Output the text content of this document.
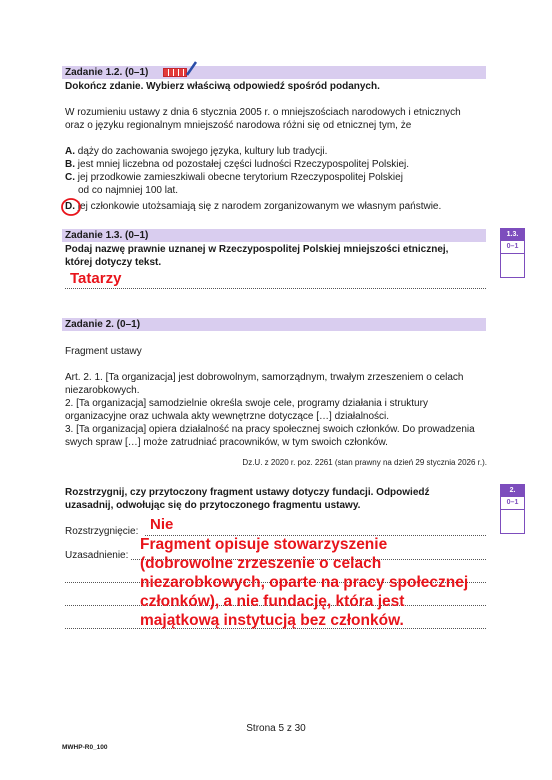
Zadanie 1.2. (0–1)
Dokończ zdanie. Wybierz właściwą odpowiedź spośród podanych.
W rozumieniu ustawy z dnia 6 stycznia 2005 r. o mniejszościach narodowych i etnicznych
oraz o języku regionalnym mniejszość narodowa różni się od etnicznej tym, że
A. dąży do zachowania swojego języka, kultury lub tradycji.
B. jest mniej liczebna od pozostałej części ludności Rzeczypospolitej Polskiej.
C. jej przodkowie zamieszkiwali obecne terytorium Rzeczypospolitej Polskiej
od co najmniej 100 lat.
D. jej członkowie utożsamiają się z narodem zorganizowanym we własnym państwie.
Zadanie 1.3. (0–1)
Podaj nazwę prawnie uznanej w Rzeczypospolitej Polskiej mniejszości etnicznej,
której dotyczy tekst.
Tatarzy
1.3.
0–1
Zadanie 2. (0–1)
Fragment ustawy
Art. 2. 1. [Ta organizacja] jest dobrowolnym, samorządnym, trwałym zrzeszeniem o celach
niezarobkowych.
2. [Ta organizacja] samodzielnie określa swoje cele, programy działania i struktury
organizacyjne oraz uchwala akty wewnętrzne dotyczące […] działalności.
3. [Ta organizacja] opiera działalność na pracy społecznej swoich członków. Do prowadzenia
swych spraw […] może zatrudniać pracowników, w tym swoich członków.
Dz.U. z 2020 r. poz. 2261 (stan prawny na dzień 29 stycznia 2026 r.).
Rozstrzygnij, czy przytoczony fragment ustawy dotyczy fundacji. Odpowiedź
uzasadnij, odwołując się do przytoczonego fragmentu ustawy.
Rozstrzygnięcie: Nie
Uzasadnienie:
Fragment opisuje stowarzyszenie
(dobrowolne zrzeszenie o celach
niezarobkowych, oparte na pracy społecznej
członków), a nie fundację, która jest
majątkową instytucją bez członków.
2.
0–1
Strona 5 z 30
MWHP-R0_100
